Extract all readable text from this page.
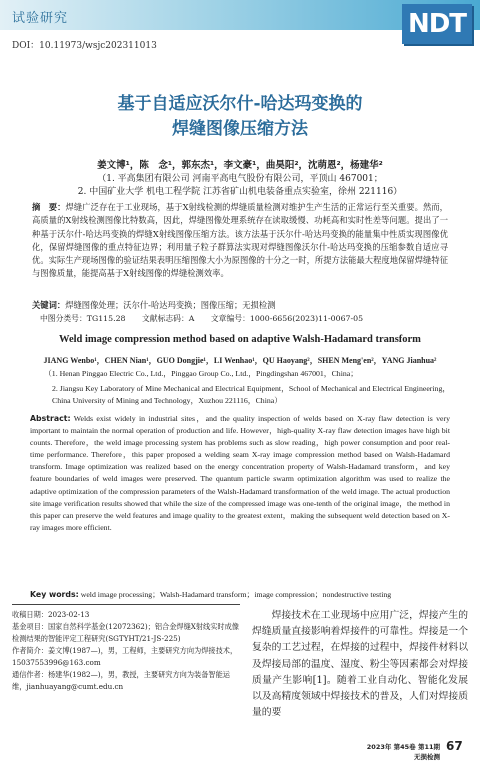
试验研究	NDT
DOI：10.11973/wsjc202311013
基于自适应沃尔什-哈达玛变换的
焊缝图像压缩方法
姜文博¹，陈　念¹，郭东杰¹，李文豪¹，曲昊阳²，沈萌恩²，杨建华²
（1. 平高集团有限公司 河南平高电气股份有限公司，平顶山 467001；
2. 中国矿业大学 机电工程学院 江苏省矿山机电装备重点实验室，徐州 221116）
摘　要：焊缝广泛存在于工业现场，基于X射线检测的焊缝质量检测对维护生产生活的正常运行至关重要。然而，高质量的X射线检测图像比特数高，因此，焊缝图像处理系统存在读取缓慢、功耗高和实时性差等问题。提出了一种基于沃尔什-哈达玛变换的焊缝X射线图像压缩方法。该方法基于沃尔什-哈达玛变换的能量集中性质实现图像优化，保留焊缝图像的重点特征边界；利用量子粒子群算法实现对焊缝图像沃尔什-哈达玛变换的压缩参数自适应寻优。实际生产现场图像的验证结果表明压缩图像大小为原图像的十分之一时，所提方法能最大程度地保留焊缝特征与图像质量，能提高基于X射线图像的焊缝检测效率。
关键词：焊缝图像处理；沃尔什-哈达玛变换；图像压缩；无损检测
中图分类号：TG115.28 文献标志码：A 文章编号：1000-6656(2023)11-0067-05
Weld image compression method based on adaptive Walsh-Hadamard transform
JIANG Wenbo¹，CHEN Nian¹，GUO Dongjie¹，LI Wenhao¹，QU Haoyang²，SHEN Meng'en²，YANG Jianhua²
（1. Henan Pinggao Electric Co., Ltd.，Pinggao Group Co., Ltd.，Pingdingshan 467001，China；
2. Jiangsu Key Laboratory of Mine Mechanical and Electrical Equipment，School of Mechanical and Electrical Engineering，China University of Mining and Technology，Xuzhou 221116，China）
Abstract: Welds exist widely in industrial sites，and the quality inspection of welds based on X-ray flaw detection is very important to maintain the normal operation of production and life. However，high-quality X-ray flaw detection images have high bit counts. Therefore，the weld image processing system has problems such as slow reading，high power consumption and poor real-time performance. Therefore，this paper proposed a welding seam X-ray image compression method based on Walsh-Hadamard transform. Image optimization was realized based on the energy concentration property of Walsh-Hadamard transform，and key feature boundaries of weld images were preserved. The quantum particle swarm optimization algorithm was used to realize the adaptive optimization of the compression parameters of the Walsh-Hadamard transformation of the weld image. The actual production site image verification results showed that while the size of the compressed image was one-tenth of the original image，the method in this paper can preserve the weld features and image quality to the greatest extent，making the subsequent weld detection based on X-ray images more efficient.
Key words: weld image processing；Walsh-Hadamard transform；image compression；nondestructive testing
收稿日期：2023-02-13
基金项目：国家自然科学基金(12072362)；铝合金焊缝X射线实时成像检测结果的智能评定工程研究(SGTYHT/21-JS-225)
作者简介：姜文博(1987—)，男，工程师，主要研究方向为焊接技术，15037553996@163.com
通信作者：杨建华(1982—)，男，教授，主要研究方向为装备智能运维，jianhuayang@cumt.edu.cn
焊接技术在工业现场中应用广泛，焊接产生的焊缝质量直接影响着焊接件的可靠性。焊接是一个复杂的工艺过程，在焊接的过程中，焊接件材料以及焊接局部的温度、湿度、粉尘等因素都会对焊接质量产生影响[1]。随着工业自动化、智能化发展以及高精度领域中焊接技术的普及，人们对焊接质量的要
2023年 第45卷 第11期
无损检测
67
